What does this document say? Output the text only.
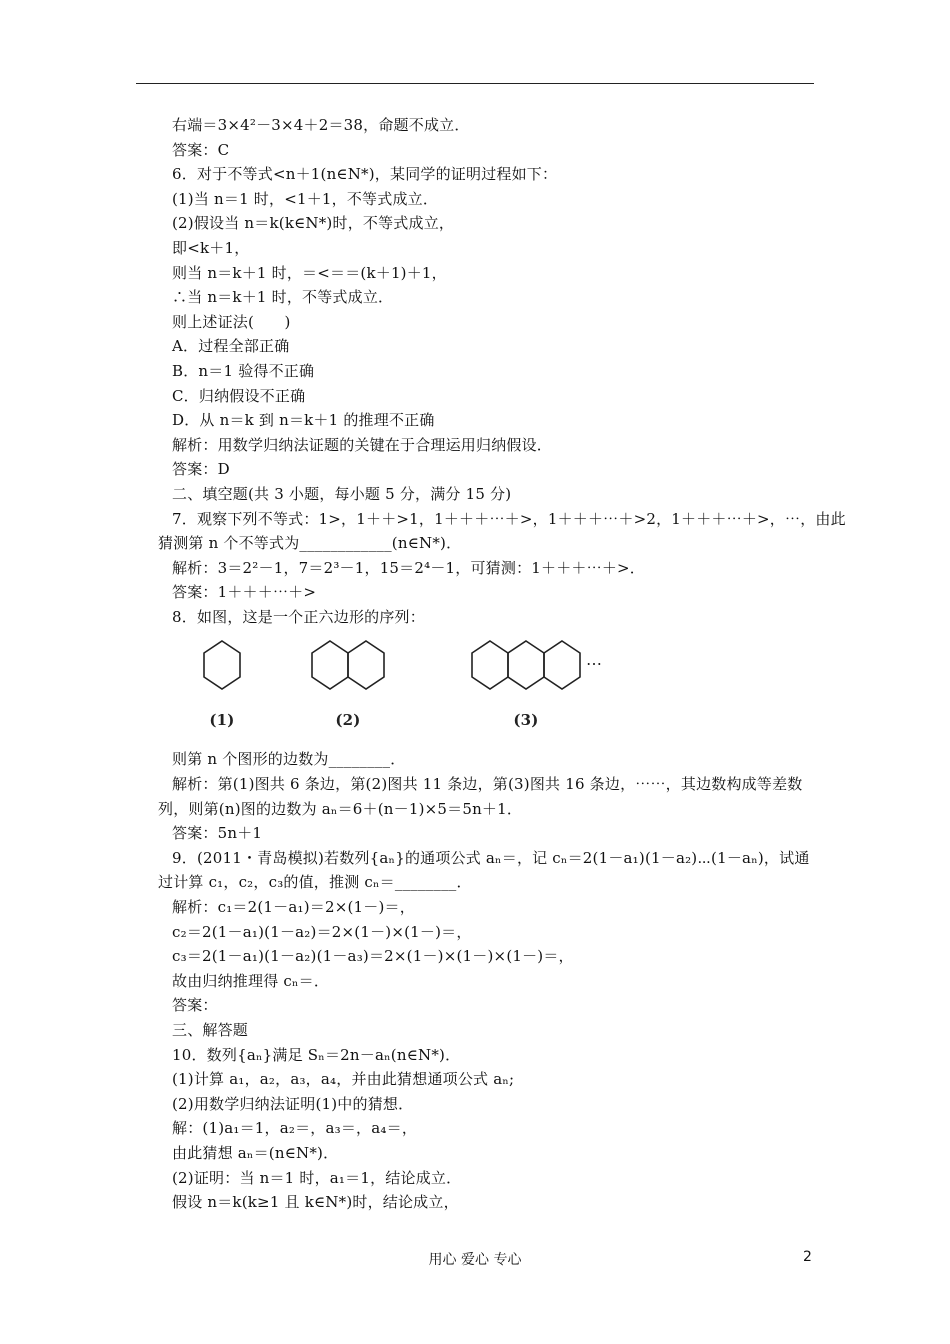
右端＝3×4²－3×4＋2＝38，命题不成立．
答案：C
6．对于不等式<n＋1(n∈N*)，某同学的证明过程如下：
(1)当 n＝1 时，<1＋1，不等式成立．
(2)假设当 n＝k(k∈N*)时，不等式成立，
即<k＋1，
则当 n＝k＋1 时，＝<＝＝(k＋1)＋1，
∴当 n＝k＋1 时，不等式成立．
则上述证法(　　)
A．过程全部正确
B．n＝1 验得不正确
C．归纳假设不正确
D．从 n＝k 到 n＝k＋1 的推理不正确
解析：用数学归纳法证题的关键在于合理运用归纳假设．
答案：D
二、填空题(共 3 小题，每小题 5 分，满分 15 分)
7．观察下列不等式：1>，1＋＋>1，1＋＋＋⋯＋>，1＋＋＋⋯＋>2，1＋＋＋⋯＋>，⋯，由此
猜测第 n 个不等式为____________(n∈N*)．
解析：3＝2²－1，7＝2³－1，15＝2⁴－1，可猜测：1＋＋＋⋯＋>．
答案：1＋＋＋⋯＋>
8．如图，这是一个正六边形的序列：
⋯
(1)	(2)	(3)
则第 n 个图形的边数为________．
解析：第(1)图共 6 条边，第(2)图共 11 条边，第(3)图共 16 条边，⋯⋯，其边数构成等差数
列，则第(n)图的边数为 aₙ＝6＋(n－1)×5＝5n＋1．
答案：5n＋1
9．(2011・青岛模拟)若数列{aₙ}的通项公式 aₙ＝，记 cₙ＝2(1－a₁)(1－a₂)⋯(1－aₙ)，试通
过计算 c₁，c₂，c₃的值，推测 cₙ＝________．
解析：c₁＝2(1－a₁)＝2×(1－)＝，
c₂＝2(1－a₁)(1－a₂)＝2×(1－)×(1－)＝，
c₃＝2(1－a₁)(1－a₂)(1－a₃)＝2×(1－)×(1－)×(1－)＝，
故由归纳推理得 cₙ＝．
答案：
三、解答题
10．数列{aₙ}满足 Sₙ＝2n－aₙ(n∈N*)．
(1)计算 a₁，a₂，a₃，a₄，并由此猜想通项公式 aₙ;
(2)用数学归纳法证明(1)中的猜想．
解：(1)a₁＝1，a₂＝，a₃＝，a₄＝，
由此猜想 aₙ＝(n∈N*)．
(2)证明：当 n＝1 时，a₁＝1，结论成立．
假设 n＝k(k≥1 且 k∈N*)时，结论成立，
用心 爱心 专心	2
